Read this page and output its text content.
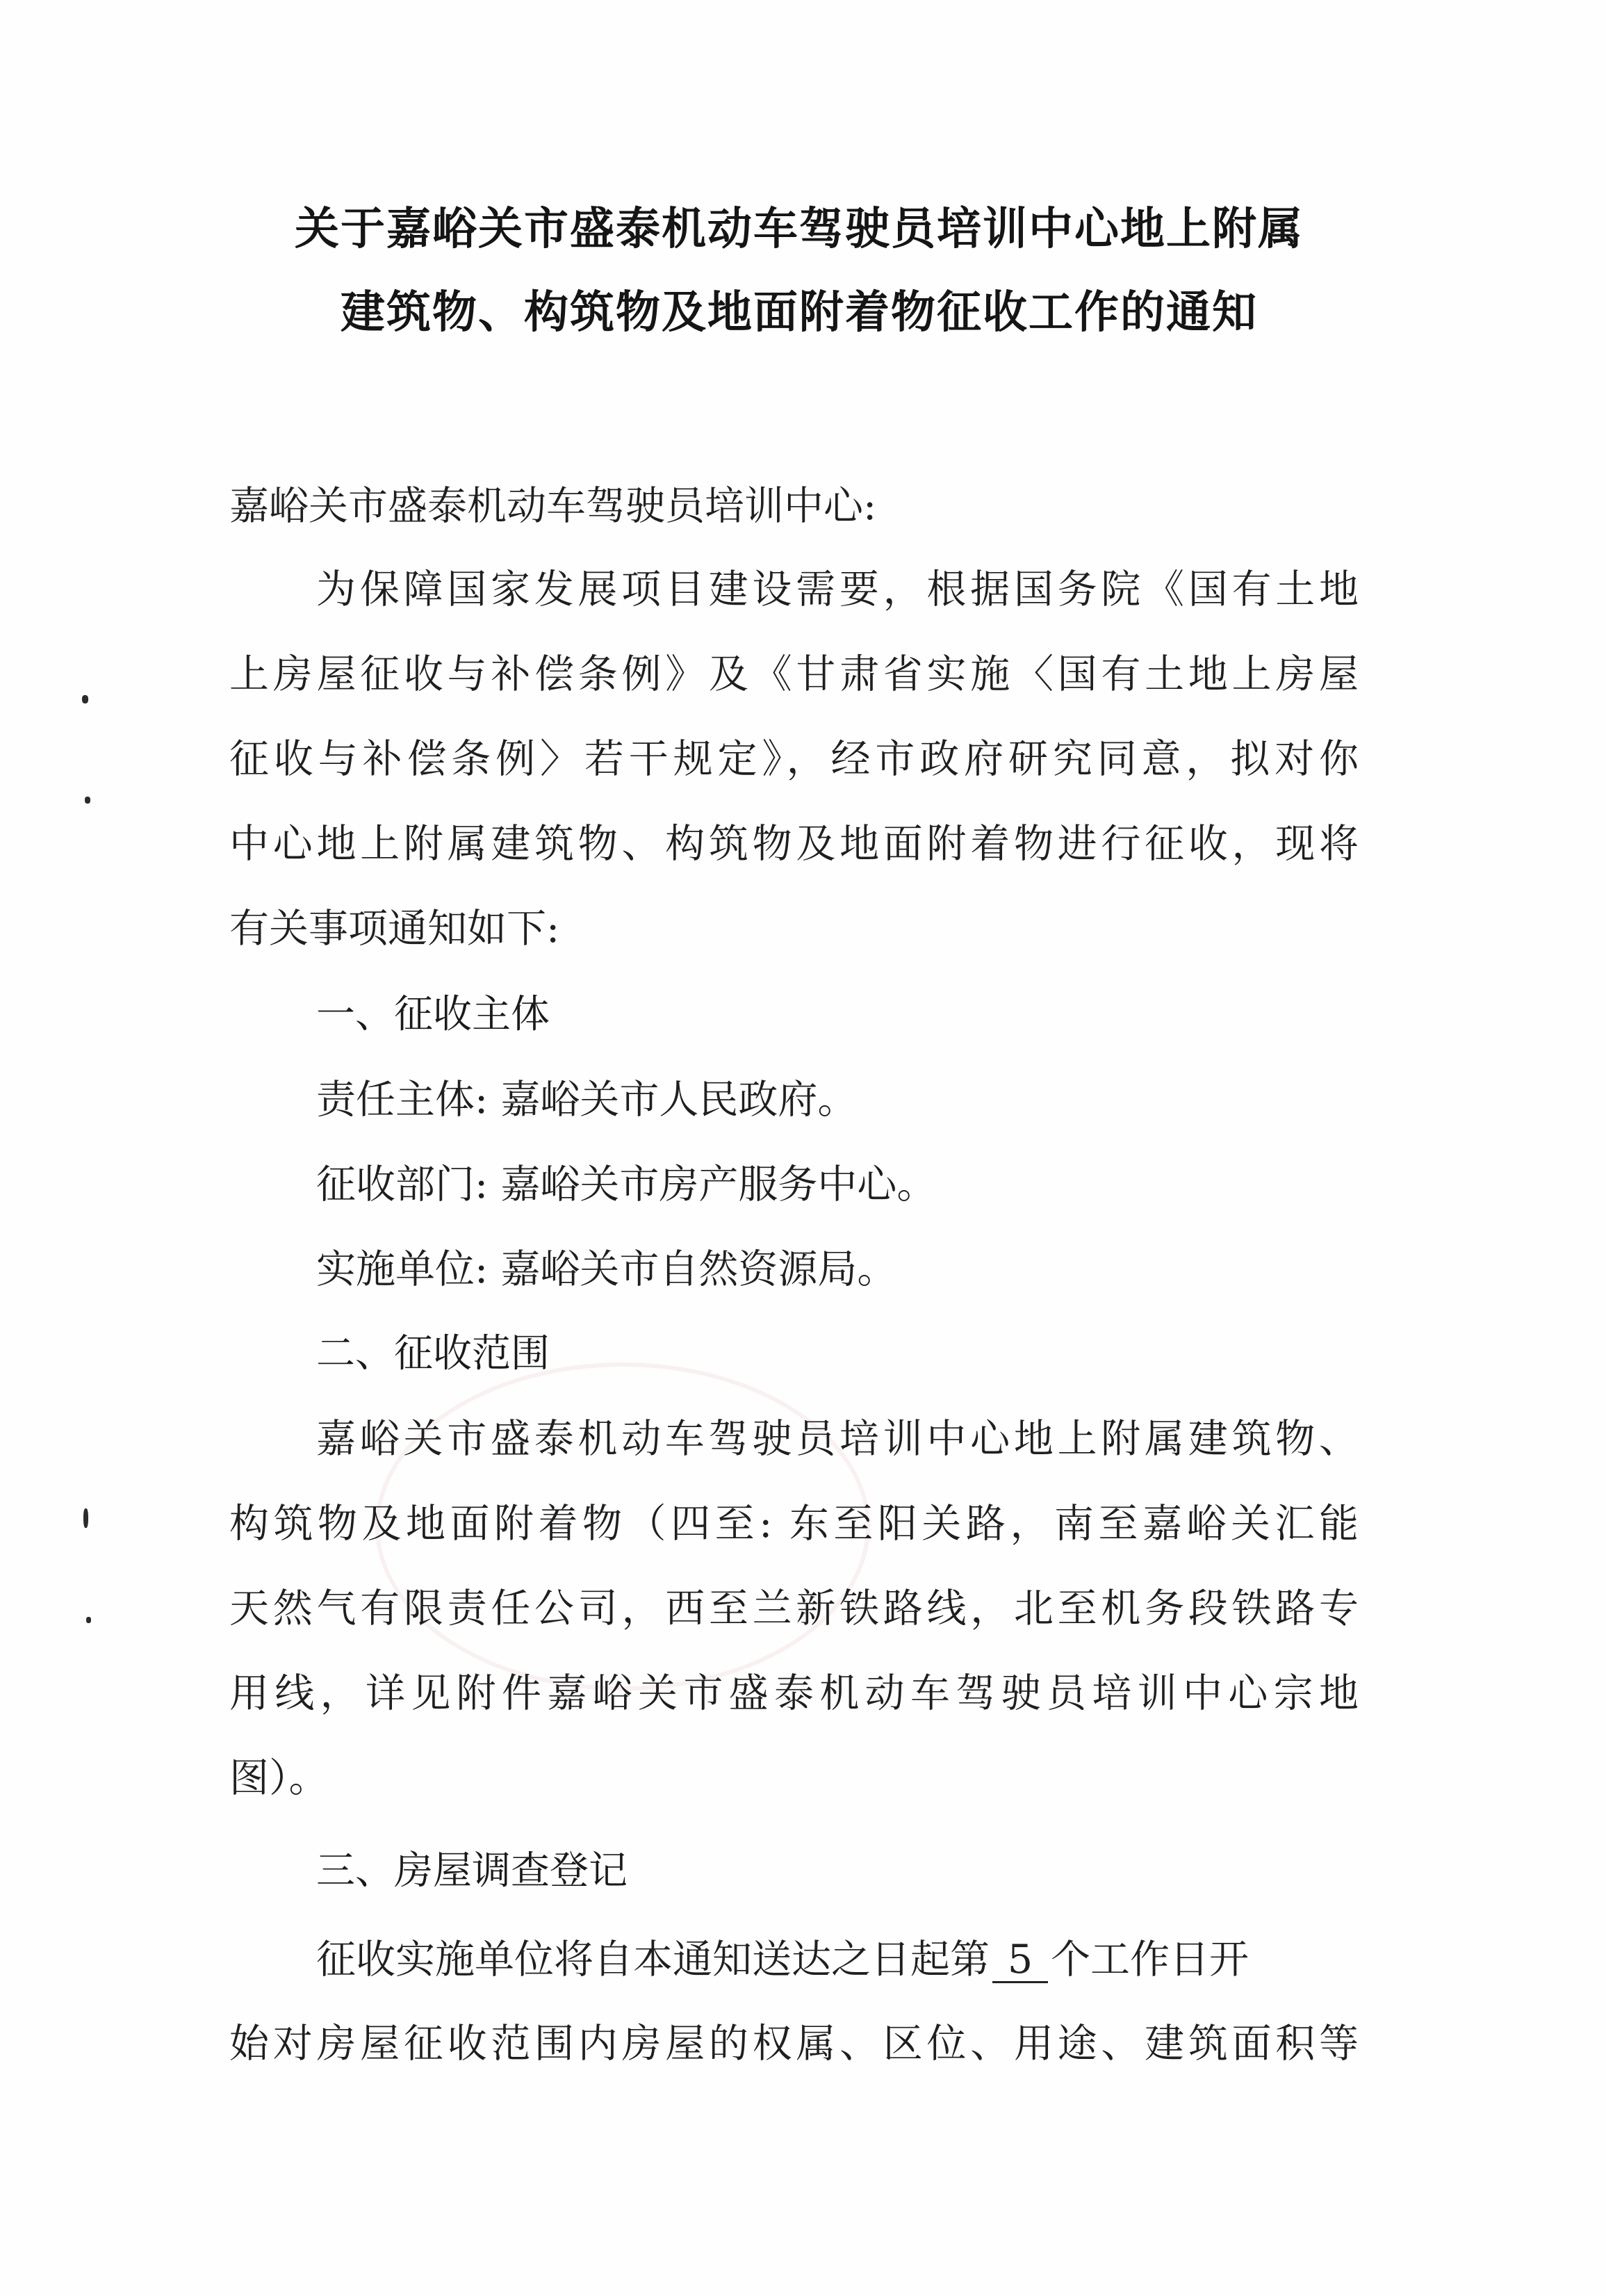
关于嘉峪关市盛泰机动车驾驶员培训中心地上附属
建筑物、构筑物及地面附着物征收工作的通知
嘉峪关市盛泰机动车驾驶员培训中心:
为保障国家发展项目建设需要，根据国务院《国有土地
上房屋征收与补偿条例》及《甘肃省实施〈国有土地上房屋
征收与补偿条例〉若干规定》，经市政府研究同意，拟对你
中心地上附属建筑物、构筑物及地面附着物进行征收，现将
有关事项通知如下:
一、征收主体
责任主体: 嘉峪关市人民政府。
征收部门: 嘉峪关市房产服务中心。
实施单位: 嘉峪关市自然资源局。
二、征收范围
嘉峪关市盛泰机动车驾驶员培训中心地上附属建筑物、
构筑物及地面附着物（四至: 东至阳关路，南至嘉峪关汇能
天然气有限责任公司，西至兰新铁路线，北至机务段铁路专
用线，详见附件嘉峪关市盛泰机动车驾驶员培训中心宗地
图）。
三、房屋调查登记
征收实施单位将自本通知送达之日起第 5 个工作日开
始对房屋征收范围内房屋的权属、区位、用途、建筑面积等
